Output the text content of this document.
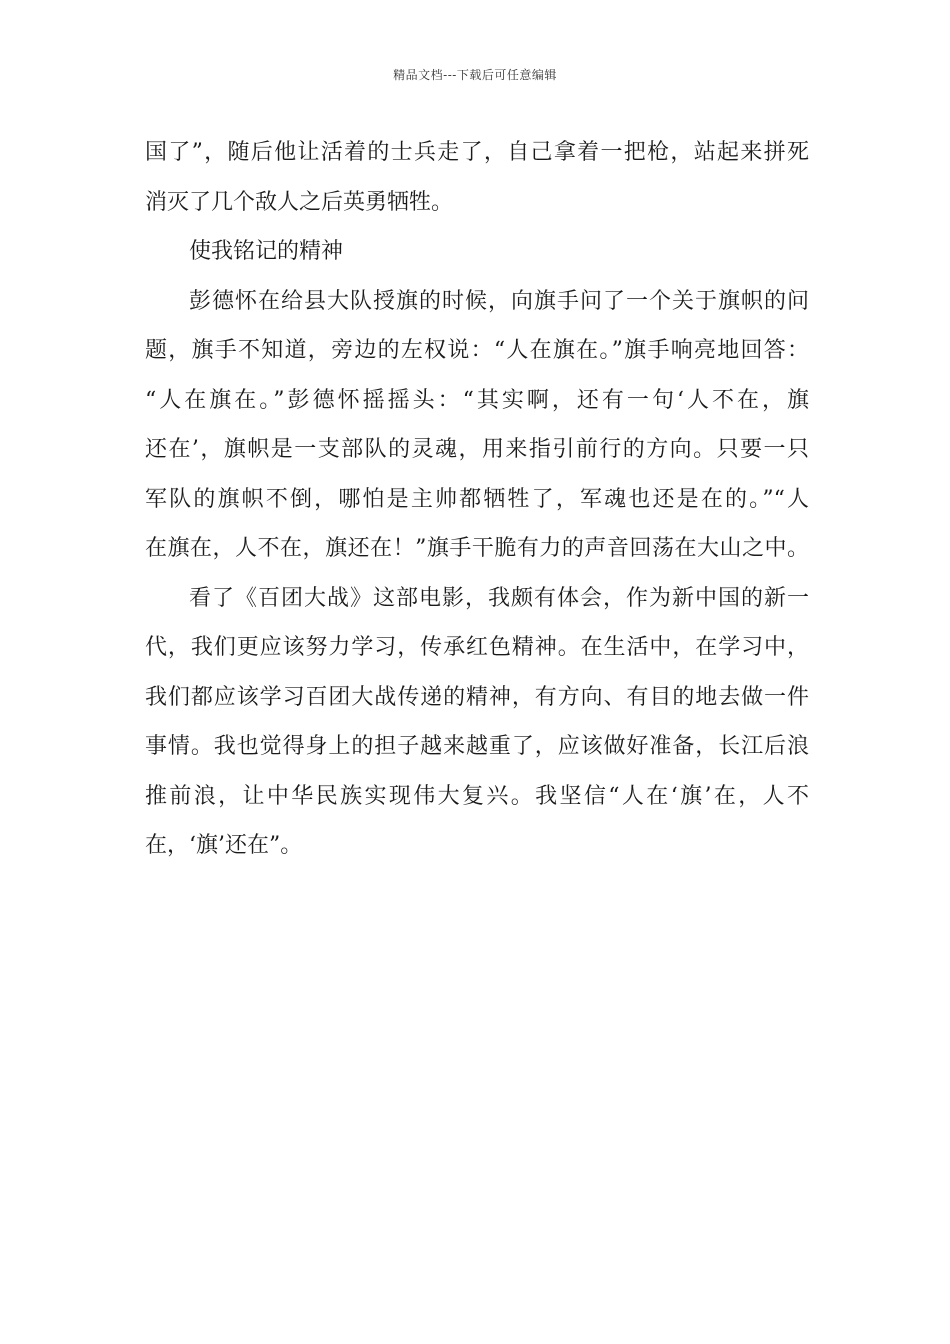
精品文档---下载后可任意编辑
国了”，随后他让活着的士兵走了，自己拿着一把枪，站起来拼死
消灭了几个敌人之后英勇牺牲。
使我铭记的精神
彭德怀在给县大队授旗的时候，向旗手问了一个关于旗帜的问
题，旗手不知道，旁边的左权说：“人在旗在。”旗手响亮地回答：
“人在旗在。”彭德怀摇摇头：“其实啊，还有一句‘人不在，旗
还在’，旗帜是一支部队的灵魂，用来指引前行的方向。只要一只
军队的旗帜不倒，哪怕是主帅都牺牲了，军魂也还是在的。”“人
在旗在，人不在，旗还在！”旗手干脆有力的声音回荡在大山之中。
看了《百团大战》这部电影，我颇有体会，作为新中国的新一
代，我们更应该努力学习，传承红色精神。在生活中，在学习中，
我们都应该学习百团大战传递的精神，有方向、有目的地去做一件
事情。我也觉得身上的担子越来越重了，应该做好准备，长江后浪
推前浪，让中华民族实现伟大复兴。我坚信“人在‘旗’在，人不
在，‘旗’还在”。
